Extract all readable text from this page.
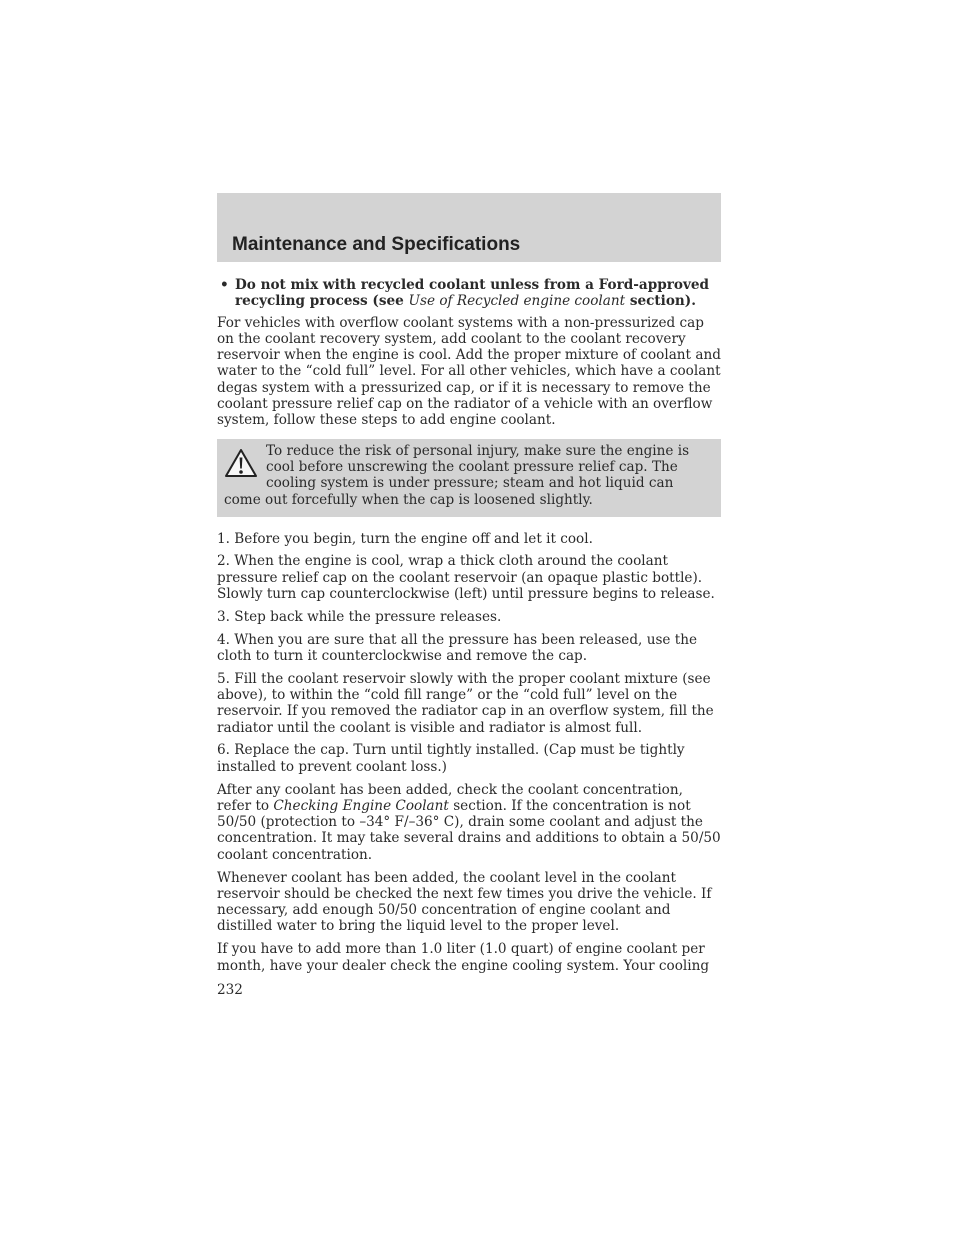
Maintenance and Specifications
• Do not mix with recycled coolant unless from a Ford-approved recycling process (see Use of Recycled engine coolant section).

For vehicles with overflow coolant systems with a non-pressurized cap on the coolant recovery system, add coolant to the coolant recovery reservoir when the engine is cool. Add the proper mixture of coolant and water to the “cold full” level. For all other vehicles, which have a coolant degas system with a pressurized cap, or if it is necessary to remove the coolant pressure relief cap on the radiator of a vehicle with an overflow system, follow these steps to add engine coolant.

To reduce the risk of personal injury, make sure the engine is cool before unscrewing the coolant pressure relief cap. The cooling system is under pressure; steam and hot liquid can come out forcefully when the cap is loosened slightly.

1. Before you begin, turn the engine off and let it cool.

2. When the engine is cool, wrap a thick cloth around the coolant pressure relief cap on the coolant reservoir (an opaque plastic bottle). Slowly turn cap counterclockwise (left) until pressure begins to release.

3. Step back while the pressure releases.

4. When you are sure that all the pressure has been released, use the cloth to turn it counterclockwise and remove the cap.

5. Fill the coolant reservoir slowly with the proper coolant mixture (see above), to within the “cold fill range” or the “cold full” level on the reservoir. If you removed the radiator cap in an overflow system, fill the radiator until the coolant is visible and radiator is almost full.

6. Replace the cap. Turn until tightly installed. (Cap must be tightly installed to prevent coolant loss.)

After any coolant has been added, check the coolant concentration, refer to Checking Engine Coolant section. If the concentration is not 50/50 (protection to –34° F/–36° C), drain some coolant and adjust the concentration. It may take several drains and additions to obtain a 50/50 coolant concentration.

Whenever coolant has been added, the coolant level in the coolant reservoir should be checked the next few times you drive the vehicle. If necessary, add enough 50/50 concentration of engine coolant and distilled water to bring the liquid level to the proper level.

If you have to add more than 1.0 liter (1.0 quart) of engine coolant per month, have your dealer check the engine cooling system. Your cooling

232
